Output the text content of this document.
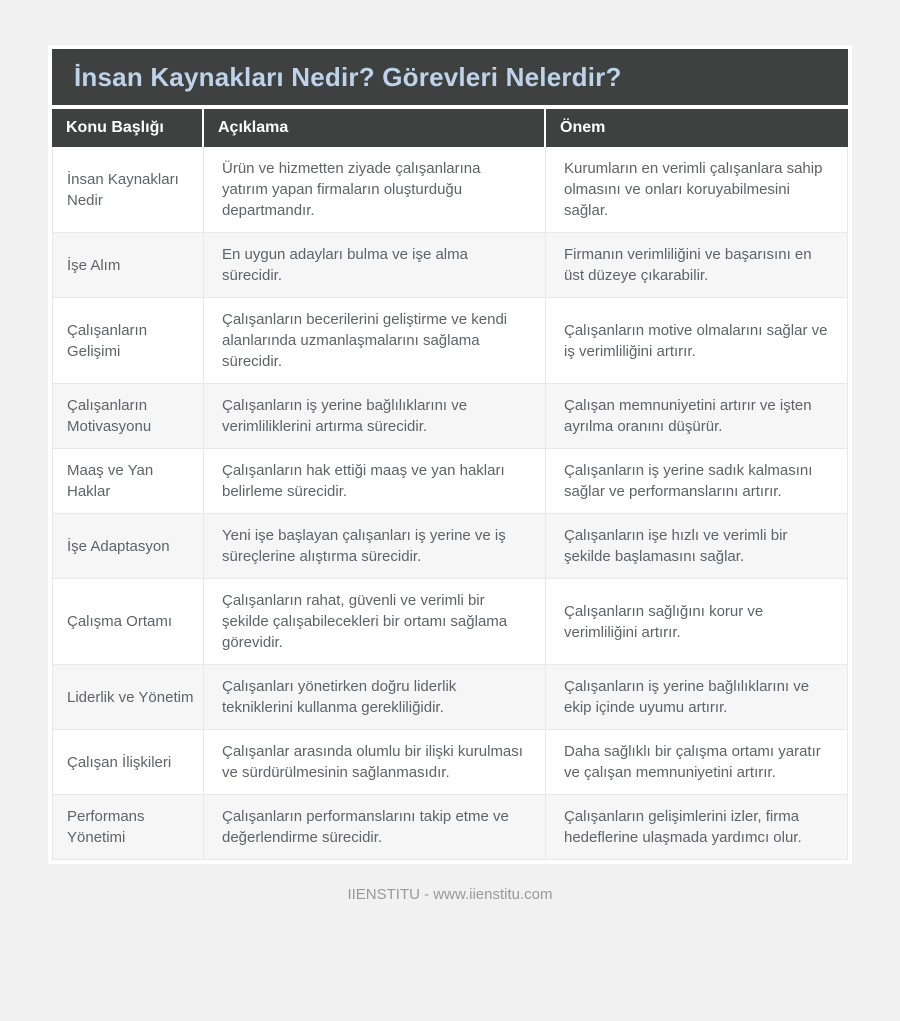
İnsan Kaynakları Nedir? Görevleri Nelerdir?
Konu Başlığı	Açıklama	Önem
İnsan Kaynakları Nedir	Ürün ve hizmetten ziyade çalışanlarına yatırım yapan firmaların oluşturduğu departmandır.	Kurumların en verimli çalışanlara sahip olmasını ve onları koruyabilmesini sağlar.
İşe Alım	En uygun adayları bulma ve işe alma sürecidir.	Firmanın verimliliğini ve başarısını en üst düzeye çıkarabilir.
Çalışanların Gelişimi	Çalışanların becerilerini geliştirme ve kendi alanlarında uzmanlaşmalarını sağlama sürecidir.	Çalışanların motive olmalarını sağlar ve iş verimliliğini artırır.
Çalışanların Motivasyonu	Çalışanların iş yerine bağlılıklarını ve verimliliklerini artırma sürecidir.	Çalışan memnuniyetini artırır ve işten ayrılma oranını düşürür.
Maaş ve Yan Haklar	Çalışanların hak ettiği maaş ve yan hakları belirleme sürecidir.	Çalışanların iş yerine sadık kalmasını sağlar ve performanslarını artırır.
İşe Adaptasyon	Yeni işe başlayan çalışanları iş yerine ve iş süreçlerine alıştırma sürecidir.	Çalışanların işe hızlı ve verimli bir şekilde başlamasını sağlar.
Çalışma Ortamı	Çalışanların rahat, güvenli ve verimli bir şekilde çalışabilecekleri bir ortamı sağlama görevidir.	Çalışanların sağlığını korur ve verimliliğini artırır.
Liderlik ve Yönetim	Çalışanları yönetirken doğru liderlik tekniklerini kullanma gerekliliğidir.	Çalışanların iş yerine bağlılıklarını ve ekip içinde uyumu artırır.
Çalışan İlişkileri	Çalışanlar arasında olumlu bir ilişki kurulması ve sürdürülmesinin sağlanmasıdır.	Daha sağlıklı bir çalışma ortamı yaratır ve çalışan memnuniyetini artırır.
Performans Yönetimi	Çalışanların performanslarını takip etme ve değerlendirme sürecidir.	Çalışanların gelişimlerini izler, firma hedeflerine ulaşmada yardımcı olur.
IIENSTITU - www.iienstitu.com
